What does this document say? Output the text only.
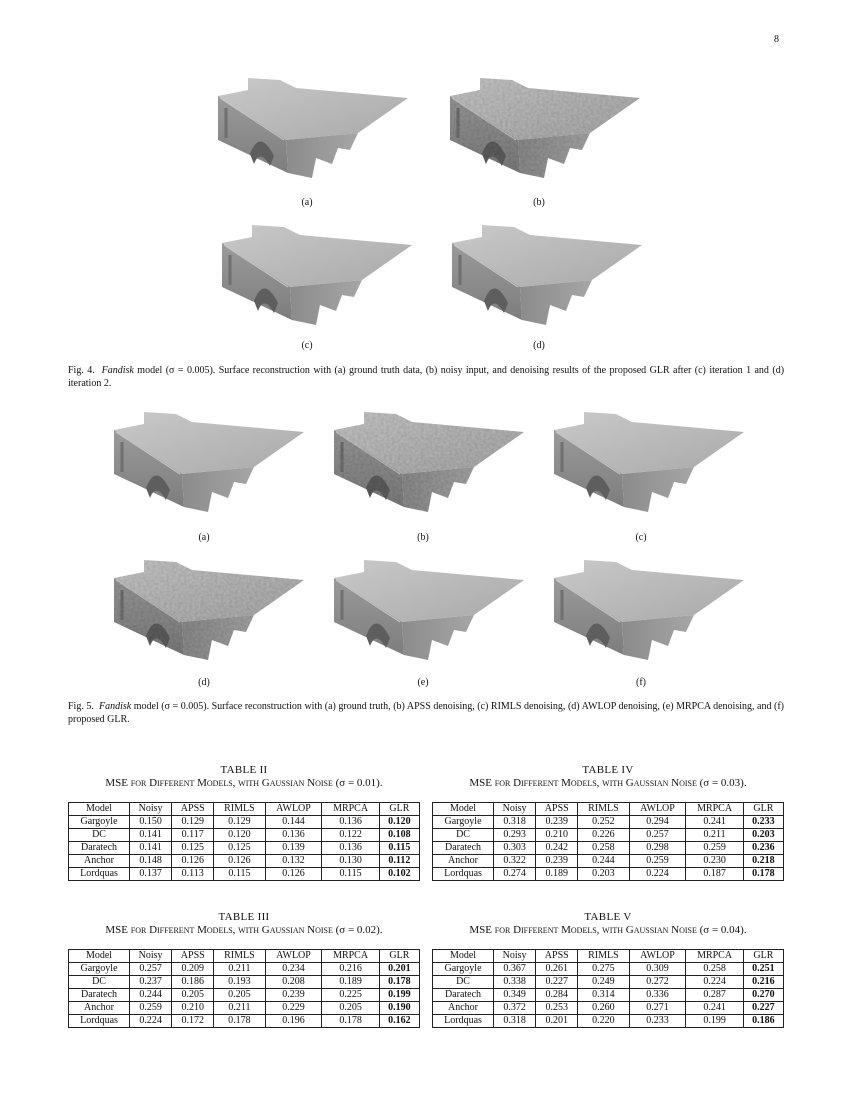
8
(a)	(b)
(c)	(d)
Fig. 4. Fandisk model (σ = 0.005). Surface reconstruction with (a) ground truth data, (b) noisy input, and denoising results of the proposed GLR after (c) iteration 1 and (d) iteration 2.
(a)	(b)	(c)
(d)	(e)	(f)
Fig. 5. Fandisk model (σ = 0.005). Surface reconstruction with (a) ground truth, (b) APSS denoising, (c) RIMLS denoising, (d) AWLOP denoising, (e) MRPCA denoising, and (f) proposed GLR.
TABLE II
MSE for Different Models, with Gaussian Noise (σ = 0.01).
Model	Noisy	APSS	RIMLS	AWLOP	MRPCA	GLR
Gargoyle	0.150	0.129	0.129	0.144	0.136	0.120
DC	0.141	0.117	0.120	0.136	0.122	0.108
Daratech	0.141	0.125	0.125	0.139	0.136	0.115
Anchor	0.148	0.126	0.126	0.132	0.130	0.112
Lordquas	0.137	0.113	0.115	0.126	0.115	0.102
TABLE IV
MSE for Different Models, with Gaussian Noise (σ = 0.03).
Model	Noisy	APSS	RIMLS	AWLOP	MRPCA	GLR
Gargoyle	0.318	0.239	0.252	0.294	0.241	0.233
DC	0.293	0.210	0.226	0.257	0.211	0.203
Daratech	0.303	0.242	0.258	0.298	0.259	0.236
Anchor	0.322	0.239	0.244	0.259	0.230	0.218
Lordquas	0.274	0.189	0.203	0.224	0.187	0.178
TABLE III
MSE for Different Models, with Gaussian Noise (σ = 0.02).
Model	Noisy	APSS	RIMLS	AWLOP	MRPCA	GLR
Gargoyle	0.257	0.209	0.211	0.234	0.216	0.201
DC	0.237	0.186	0.193	0.208	0.189	0.178
Daratech	0.244	0.205	0.205	0.239	0.225	0.199
Anchor	0.259	0.210	0.211	0.229	0.205	0.190
Lordquas	0.224	0.172	0.178	0.196	0.178	0.162
TABLE V
MSE for Different Models, with Gaussian Noise (σ = 0.04).
Model	Noisy	APSS	RIMLS	AWLOP	MRPCA	GLR
Gargoyle	0.367	0.261	0.275	0.309	0.258	0.251
DC	0.338	0.227	0.249	0.272	0.224	0.216
Daratech	0.349	0.284	0.314	0.336	0.287	0.270
Anchor	0.372	0.253	0.260	0.271	0.241	0.227
Lordquas	0.318	0.201	0.220	0.233	0.199	0.186
